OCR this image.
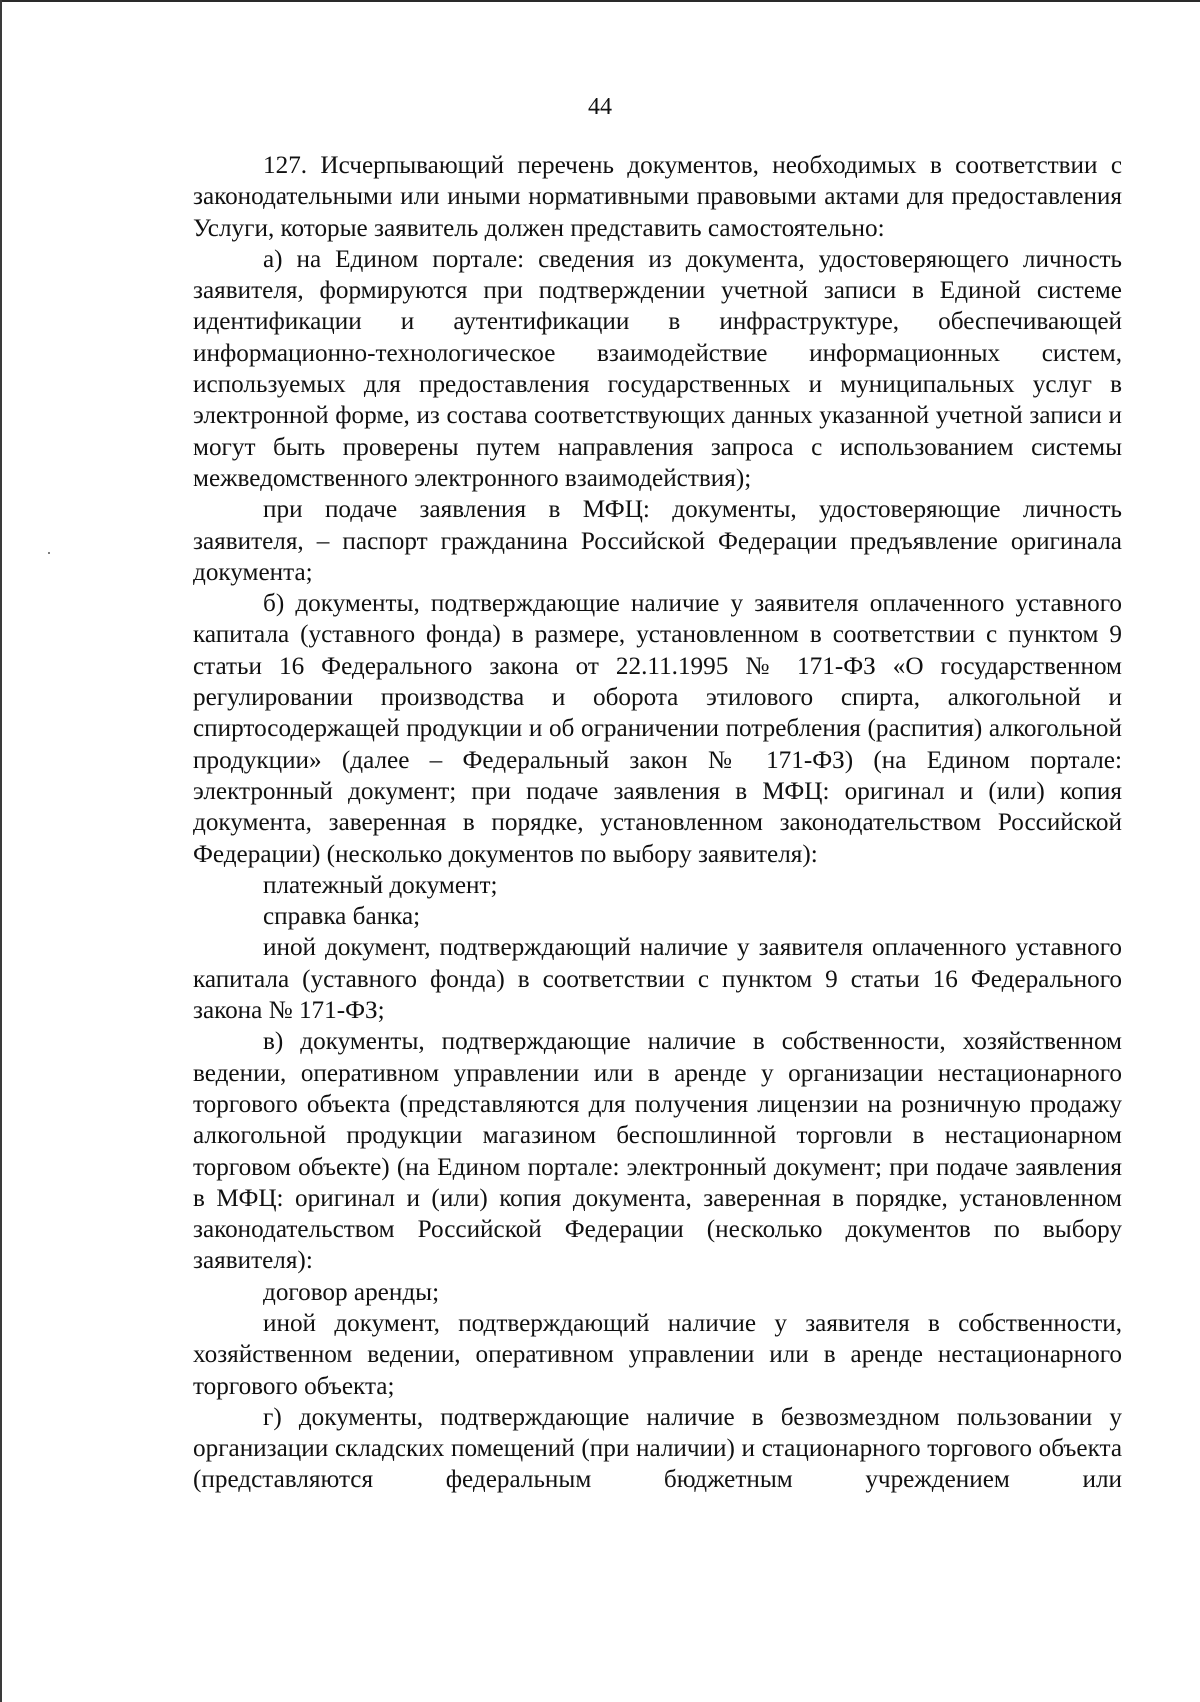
44

127. Исчерпывающий перечень документов, необходимых в соответствии с законодательными или иными нормативными правовыми актами для предоставления Услуги, которые заявитель должен представить самостоятельно:

а) на Едином портале: сведения из документа, удостоверяющего личность заявителя, формируются при подтверждении учетной записи в Единой системе идентификации и аутентификации в инфраструктуре, обеспечивающей информационно-технологическое взаимодействие информационных систем, используемых для предоставления государственных и муниципальных услуг в электронной форме, из состава соответствующих данных указанной учетной записи и могут быть проверены путем направления запроса с использованием системы межведомственного электронного взаимодействия);

при подаче заявления в МФЦ: документы, удостоверяющие личность заявителя, – паспорт гражданина Российской Федерации предъявление оригинала документа;

б) документы, подтверждающие наличие у заявителя оплаченного уставного капитала (уставного фонда) в размере, установленном в соответствии с пунктом 9 статьи 16 Федерального закона от 22.11.1995 № 171-ФЗ «О государственном регулировании производства и оборота этилового спирта, алкогольной и спиртосодержащей продукции и об ограничении потребления (распития) алкогольной продукции» (далее – Федеральный закон № 171-ФЗ) (на Едином портале: электронный документ; при подаче заявления в МФЦ: оригинал и (или) копия документа, заверенная в порядке, установленном законодательством Российской Федерации) (несколько документов по выбору заявителя):

платежный документ;

справка банка;

иной документ, подтверждающий наличие у заявителя оплаченного уставного капитала (уставного фонда) в соответствии с пунктом 9 статьи 16 Федерального закона № 171-ФЗ;

в) документы, подтверждающие наличие в собственности, хозяйственном ведении, оперативном управлении или в аренде у организации нестационарного торгового объекта (представляются для получения лицензии на розничную продажу алкогольной продукции магазином беспошлинной торговли в нестационарном торговом объекте) (на Едином портале: электронный документ; при подаче заявления в МФЦ: оригинал и (или) копия документа, заверенная в порядке, установленном законодательством Российской Федерации (несколько документов по выбору заявителя):

договор аренды;

иной документ, подтверждающий наличие у заявителя в собственности, хозяйственном ведении, оперативном управлении или в аренде нестационарного торгового объекта;

г) документы, подтверждающие наличие в безвозмездном пользовании у организации складских помещений (при наличии) и стационарного торгового объекта (представляются федеральным бюджетным учреждением или
